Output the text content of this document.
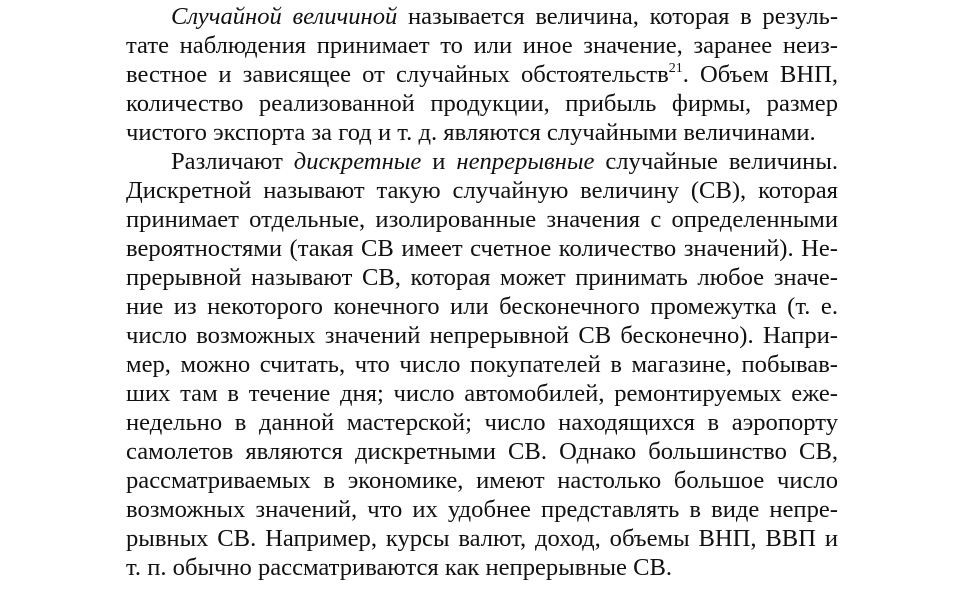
Случайной величиной называется величина, которая в резуль-
тате наблюдения принимает то или иное значение, заранее неиз-
вестное и зависящее от случайных обстоятельств$^{21}$. Объем ВНП,
количество реализованной продукции, прибыль фирмы, размер
чистого экспорта за год и т. д. являются случайными величинами.
Различают дискретные и непрерывные случайные величины.
Дискретной называют такую случайную величину (СВ), которая
принимает отдельные, изолированные значения с определенными
вероятностями (такая СВ имеет счетное количество значений). Не-
прерывной называют СВ, которая может принимать любое значе-
ние из некоторого конечного или бесконечного промежутка (т. е.
число возможных значений непрерывной СВ бесконечно). Напри-
мер, можно считать, что число покупателей в магазине, побывав-
ших там в течение дня; число автомобилей, ремонтируемых еже-
недельно в данной мастерской; число находящихся в аэропорту
самолетов являются дискретными СВ. Однако большинство СВ,
рассматриваемых в экономике, имеют настолько большое число
возможных значений, что их удобнее представлять в виде непре-
рывных СВ. Например, курсы валют, доход, объемы ВНП, ВВП и
т. п. обычно рассматриваются как непрерывные СВ.
